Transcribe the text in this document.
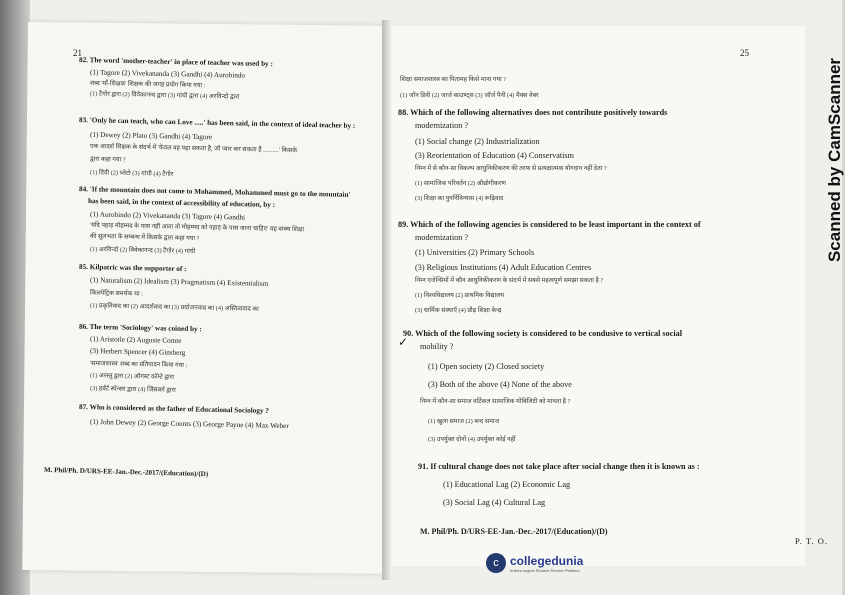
21	25
82. The word 'mother-teacher' in place of teacher was used by :
(1) Tagore (2) Vivekananda (3) Gandhi (4) Aurobindo
शब्द 'माँ-शिक्षक' शिक्षक की जगह प्रयोग किया गया :
(1) टैगोर द्वारा (2) विवेकानन्द द्वारा (3) गांधी द्वारा (4) अरविन्दो द्वारा
83. 'Only he can teach, who can Love .....' has been said, in the context of ideal teacher by :
(1) Dewey (2) Plato (3) Gandhi (4) Tagore
एक आदर्श शिक्षक के संदर्भ में 'केवल वह पढ़ा सकता है, जो प्यार कर सकता है ..........' किसके
द्वारा कहा गया ?
(1) डिवी (2) प्लेटो (3) गांधी (4) टैगोर
84. 'If the mountain does not come to Mohammed, Mohammed must go to the mountain'
has been said, in the context of accessibility of education, by :
(1) Aurobindo (2) Vivekananda (3) Tagore (4) Gandhi
'यदि पहाड़ मोहम्मद के पास नहीं आता तो मोहम्मद को पहाड़ के पास जाना चाहिए' यह वाक्य शिक्षा
की सुलभता के सम्बन्ध में किसके द्वारा कहा गया ?
(1) अरविन्दो (2) विवेकानन्द (3) टैगोर (4) गांधी
85. Kilpatric was the supporter of :
(1) Naturalism (2) Idealism (3) Pragmatism (4) Existentialism
किलपेट्रिक समर्थक था :
(1) प्रकृतिवाद का (2) आदर्शवाद का (3) प्रयोजनवाद का (4) अस्तित्ववाद का
86. The term 'Sociology' was coined by :
(1) Aristotle (2) Auguste Comte
(3) Herbert Spencer (4) Ginsberg
'समाजशास्त्र' शब्द का प्रतिपादन किया गया :
(1) अरस्तु द्वारा (2) ऑगस्ट कॉम्टे द्वारा
(3) हर्बर्ट स्पेन्सर द्वारा (4) जिंसबर्ग द्वारा
87. Who is considered as the father of Educational Sociology ?
(1) John Dewey (2) George Counts (3) George Payne (4) Max Weber
शिक्षा समाजशास्त्र का पितामह किसे माना गया ?
(1) जॉन डिवी (2) जार्ज काउण्ट्स (3) जॉर्ज पैनी (4) मैक्स वेबर
88. Which of the following alternatives does not contribute positively towards
modernization ?
(1) Social change (2) Industrialization
(3) Reorientation of Education (4) Conservatism
निम्न में से कौन-सा विकल्प आधुनिकीकरण की तरफ से प्रत्यक्षात्मक योगदान नहीं देता ?
(1) सामाजिक परिवर्तन (2) औद्योगीकरण
(3) शिक्षा का पुनर्निविन्यास (4) रूढ़िवाद
89. Which of the following agencies is considered to be least important in the context of
modernization ?
(1) Universities (2) Primary Schools
(3) Religious Institutions (4) Adult Education Centres
निम्न एजेन्सियों में कौन आधुनिकीकरण के संदर्भ में सबसे महत्वपूर्ण समझा सकता है ?
(1) विश्वविद्यालय (2) प्राथमिक विद्यालय
(3) धार्मिक संस्थाएँ (4) प्रौढ़ शिक्षा केन्द्र
90. Which of the following society is considered to be condusive to vertical social
mobility ?
(1) Open society (2) Closed society
(3) Both of the above (4) None of the above
निम्न में कौन-सा समाज वर्टिकल सामाजिक मोबिलिटी को मानता है ?
(1) खुला समाज (2) बन्द समाज
(3) उपर्युक्त दोनों (4) उपर्युक्त कोई नहीं
91. If cultural change does not take place after social change then it is known as :
(1) Educational Lag (2) Economic Lag
(3) Social Lag (4) Cultural Lag
✓
M. Phil/Ph. D/URS-EE-Jan.-Dec.-2017/(Education)/(D)
M. Phil/Ph. D/URS-EE-Jan.-Dec.-2017/(Education)/(D)
P. T. O.
Scanned by CamScanner
c collegedunia
India's largest Student Review Platform
